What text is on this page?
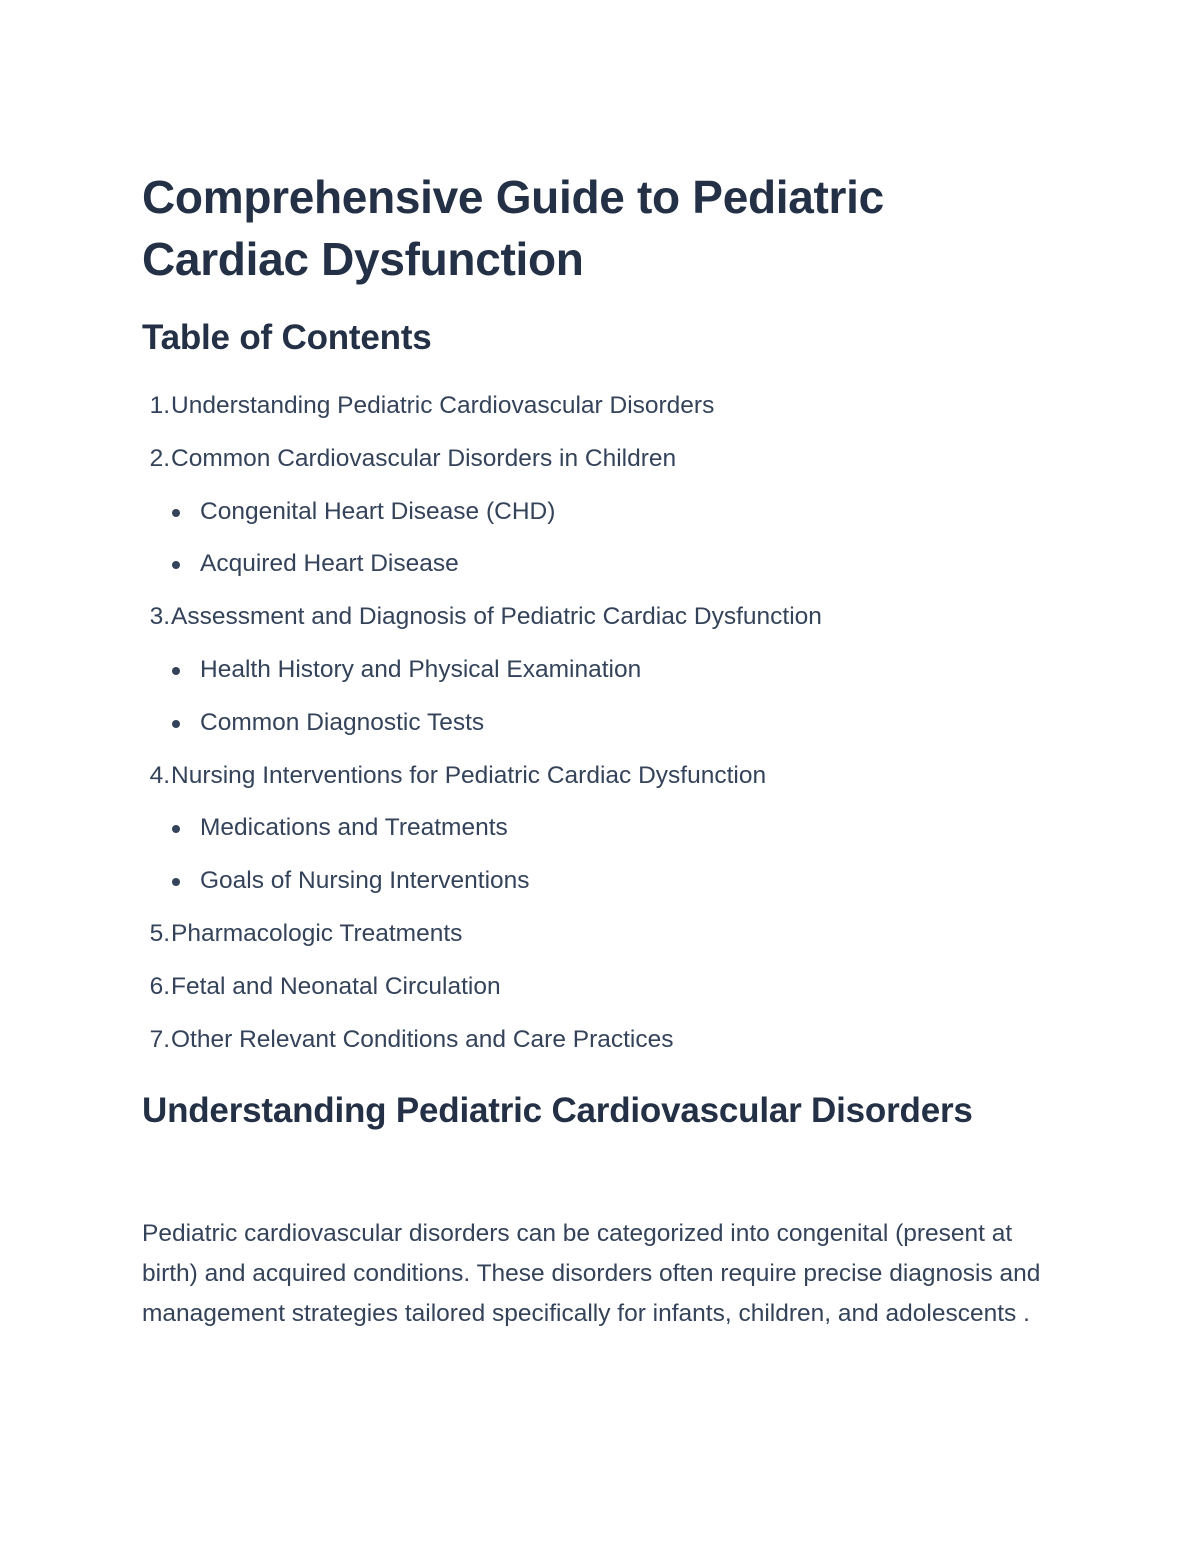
Comprehensive Guide to Pediatric Cardiac Dysfunction
Table of Contents
1. Understanding Pediatric Cardiovascular Disorders
2. Common Cardiovascular Disorders in Children
Congenital Heart Disease (CHD)
Acquired Heart Disease
3. Assessment and Diagnosis of Pediatric Cardiac Dysfunction
Health History and Physical Examination
Common Diagnostic Tests
4. Nursing Interventions for Pediatric Cardiac Dysfunction
Medications and Treatments
Goals of Nursing Interventions
5. Pharmacologic Treatments
6. Fetal and Neonatal Circulation
7. Other Relevant Conditions and Care Practices
Understanding Pediatric Cardiovascular Disorders

Pediatric cardiovascular disorders can be categorized into congenital (present at birth) and acquired conditions. These disorders often require precise diagnosis and management strategies tailored specifically for infants, children, and adolescents .
